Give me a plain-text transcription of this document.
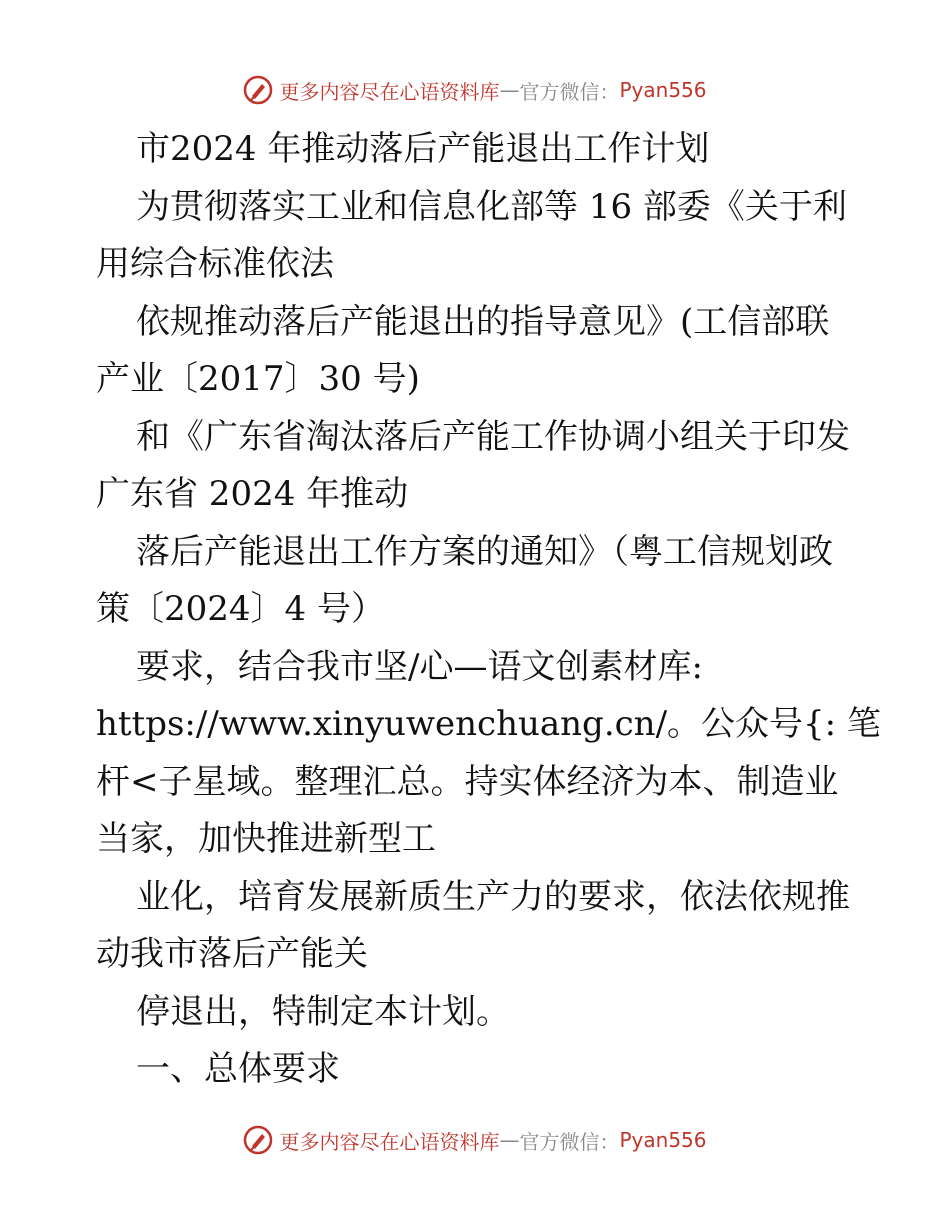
更多内容尽在心语资料库 — 官方微信： Pyan556
市2024 年推动落后产能退出工作计划
为贯彻落实工业和信息化部等 16 部委《关于利
用综合标准依法
依规推动落后产能退出的指导意见》(工信部联
产业〔2017〕30 号)
和《广东省淘汰落后产能工作协调小组关于印发
广东省 2024 年推动
落后产能退出工作方案的通知》（粤工信规划政
策〔2024〕4 号）
要求，结合我市坚/心—语文创素材库:
https://www.xinyuwenchuang.cn/。公众号{: 笔
杆<子星域。整理汇总。持实体经济为本、制造业
当家，加快推进新型工
业化，培育发展新质生产力的要求，依法依规推
动我市落后产能关
停退出，特制定本计划。
一、总体要求
更多内容尽在心语资料库 — 官方微信： Pyan556
